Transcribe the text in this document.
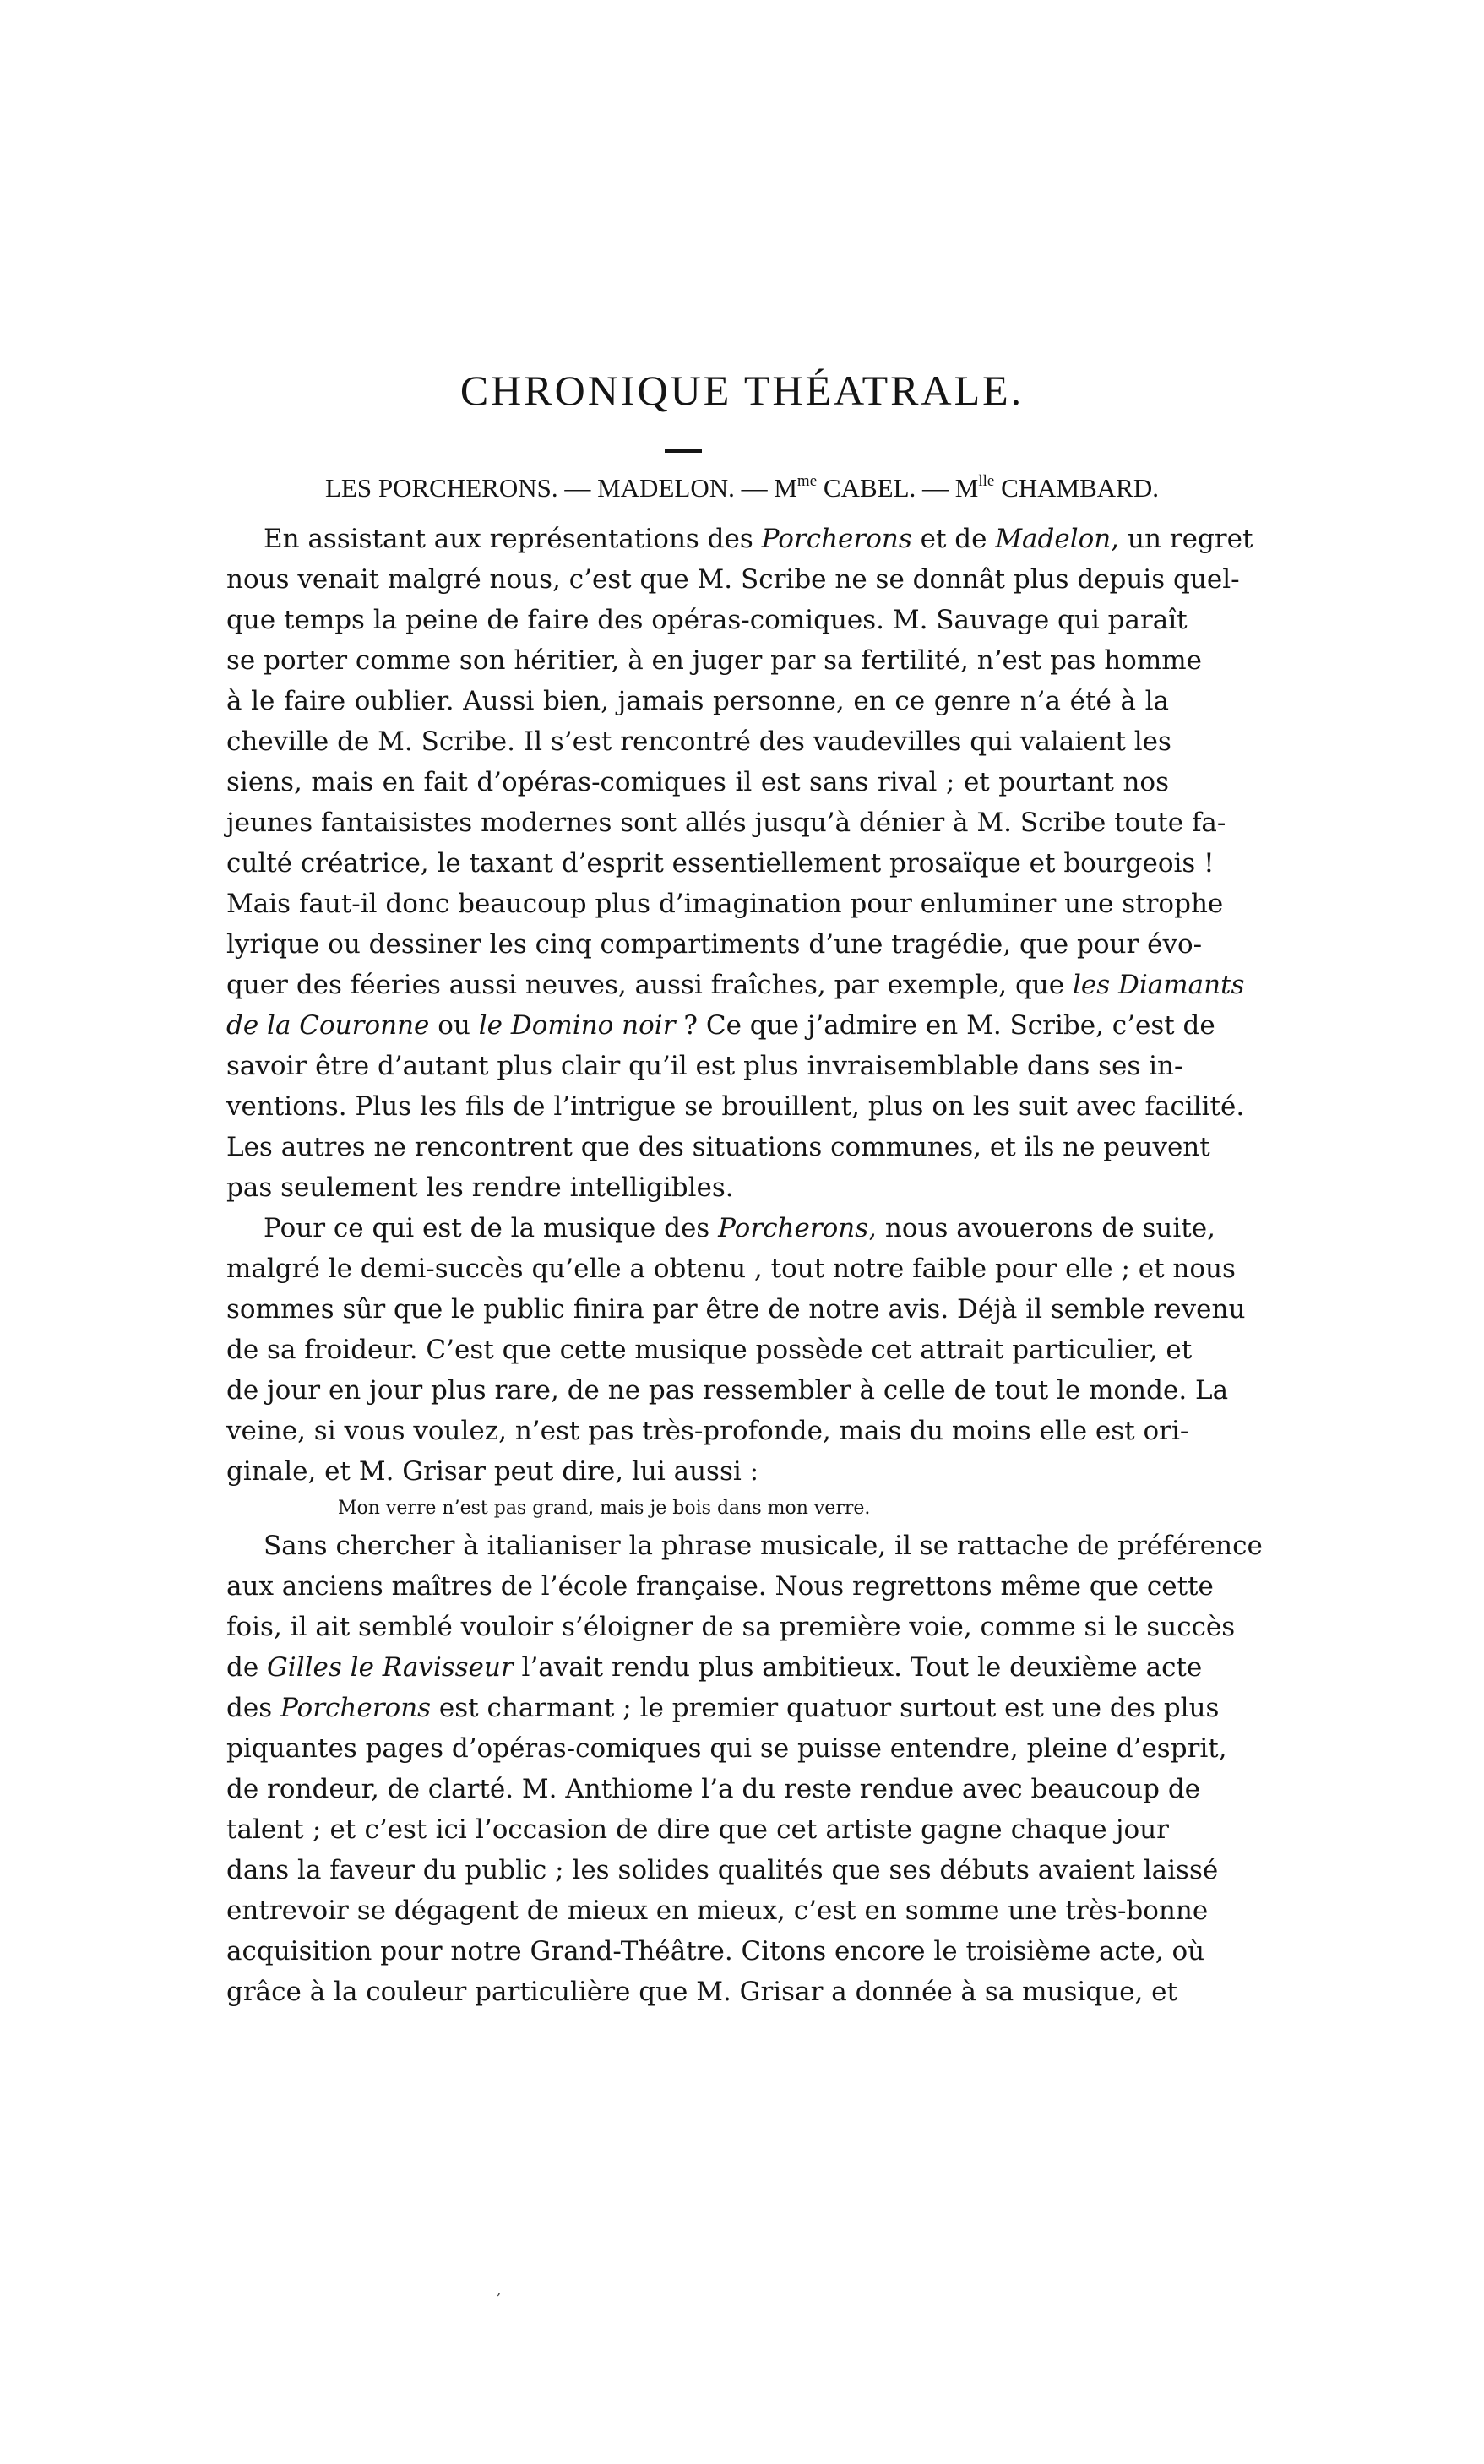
CHRONIQUE THÉATRALE.
LES PORCHERONS. — MADELON. — $M^{me}$ CABEL. — $M^{lle}$ CHAMBARD.
En assistant aux représentations des Porcherons et de Madelon, un regret
nous venait malgré nous, c’est que M. Scribe ne se donnât plus depuis quel-
que temps la peine de faire des opéras-comiques. M. Sauvage qui paraît
se porter comme son héritier, à en juger par sa fertilité, n’est pas homme
à le faire oublier. Aussi bien, jamais personne, en ce genre n’a été à la
cheville de M. Scribe. Il s’est rencontré des vaudevilles qui valaient les
siens, mais en fait d’opéras-comiques il est sans rival ; et pourtant nos
jeunes fantaisistes modernes sont allés jusqu’à dénier à M. Scribe toute fa-
culté créatrice, le taxant d’esprit essentiellement prosaïque et bourgeois !
Mais faut-il donc beaucoup plus d’imagination pour enluminer une strophe
lyrique ou dessiner les cinq compartiments d’une tragédie, que pour évo-
quer des féeries aussi neuves, aussi fraîches, par exemple, que les Diamants
de la Couronne ou le Domino noir ? Ce que j’admire en M. Scribe, c’est de
savoir être d’autant plus clair qu’il est plus invraisemblable dans ses in-
ventions. Plus les fils de l’intrigue se brouillent, plus on les suit avec facilité.
Les autres ne rencontrent que des situations communes, et ils ne peuvent
pas seulement les rendre intelligibles.
Pour ce qui est de la musique des Porcherons, nous avouerons de suite,
malgré le demi-succès qu’elle a obtenu , tout notre faible pour elle ; et nous
sommes sûr que le public finira par être de notre avis. Déjà il semble revenu
de sa froideur. C’est que cette musique possède cet attrait particulier, et
de jour en jour plus rare, de ne pas ressembler à celle de tout le monde. La
veine, si vous voulez, n’est pas très-profonde, mais du moins elle est ori-
ginale, et M. Grisar peut dire, lui aussi :
Mon verre n’est pas grand, mais je bois dans mon verre.
Sans chercher à italianiser la phrase musicale, il se rattache de préférence
aux anciens maîtres de l’école française. Nous regrettons même que cette
fois, il ait semblé vouloir s’éloigner de sa première voie, comme si le succès
de Gilles le Ravisseur l’avait rendu plus ambitieux. Tout le deuxième acte
des Porcherons est charmant ; le premier quatuor surtout est une des plus
piquantes pages d’opéras-comiques qui se puisse entendre, pleine d’esprit,
de rondeur, de clarté. M. Anthiome l’a du reste rendue avec beaucoup de
talent ; et c’est ici l’occasion de dire que cet artiste gagne chaque jour
dans la faveur du public ; les solides qualités que ses débuts avaient laissé
entrevoir se dégagent de mieux en mieux, c’est en somme une très-bonne
acquisition pour notre Grand-Théâtre. Citons encore le troisième acte, où
grâce à la couleur particulière que M. Grisar a donnée à sa musique, et
,
